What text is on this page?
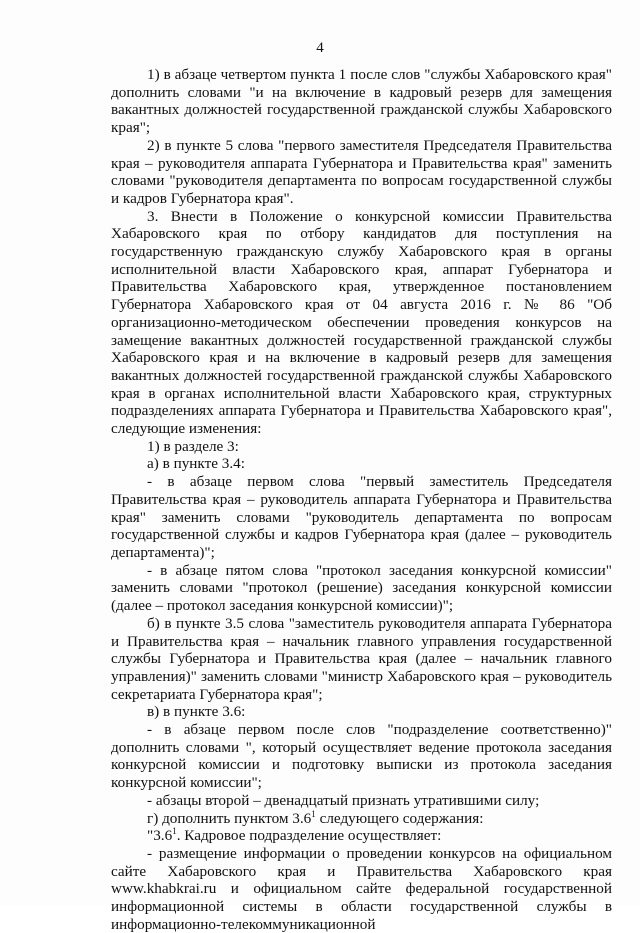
4

1) в абзаце четвертом пункта 1 после слов "службы Хабаровского края" дополнить словами "и на включение в кадровый резерв для замещения вакантных должностей государственной гражданской службы Хабаровского края";

2) в пункте 5 слова "первого заместителя Председателя Правительства края – руководителя аппарата Губернатора и Правительства края" заменить словами "руководителя департамента по вопросам государственной службы и кадров Губернатора края".

3. Внести в Положение о конкурсной комиссии Правительства Хабаровского края по отбору кандидатов для поступления на государственную гражданскую службу Хабаровского края в органы исполнительной власти Хабаровского края, аппарат Губернатора и Правительства Хабаровского края, утвержденное постановлением Губернатора Хабаровского края от 04 августа 2016 г. № 86 "Об организационно-методическом обеспечении проведения конкурсов на замещение вакантных должностей государственной гражданской службы Хабаровского края и на включение в кадровый резерв для замещения вакантных должностей государственной гражданской службы Хабаровского края в органах исполнительной власти Хабаровского края, структурных подразделениях аппарата Губернатора и Правительства Хабаровского края", следующие изменения:

1) в разделе 3:

а) в пункте 3.4:

- в абзаце первом слова "первый заместитель Председателя Правительства края – руководитель аппарата Губернатора и Правительства края" заменить словами "руководитель департамента по вопросам государственной службы и кадров Губернатора края (далее – руководитель департамента)";

- в абзаце пятом слова "протокол заседания конкурсной комиссии" заменить словами "протокол (решение) заседания конкурсной комиссии (далее – протокол заседания конкурсной комиссии)";

б) в пункте 3.5 слова "заместитель руководителя аппарата Губернатора и Правительства края – начальник главного управления государственной службы Губернатора и Правительства края (далее – начальник главного управления)" заменить словами "министр Хабаровского края – руководитель секретариата Губернатора края";

в) в пункте 3.6:

- в абзаце первом после слов "подразделение соответственно)" дополнить словами ", который осуществляет ведение протокола заседания конкурсной комиссии и подготовку выписки из протокола заседания конкурсной комиссии";

- абзацы второй – двенадцатый признать утратившими силу;

г) дополнить пунктом $3.6^1$ следующего содержания:

"$3.6^1$. Кадровое подразделение осуществляет:

- размещение информации о проведении конкурсов на официальном сайте Хабаровского края и Правительства Хабаровского края www.khabkrai.ru и официальном сайте федеральной государственной информационной системы в области государственной службы в информационно-телекоммуникационной
